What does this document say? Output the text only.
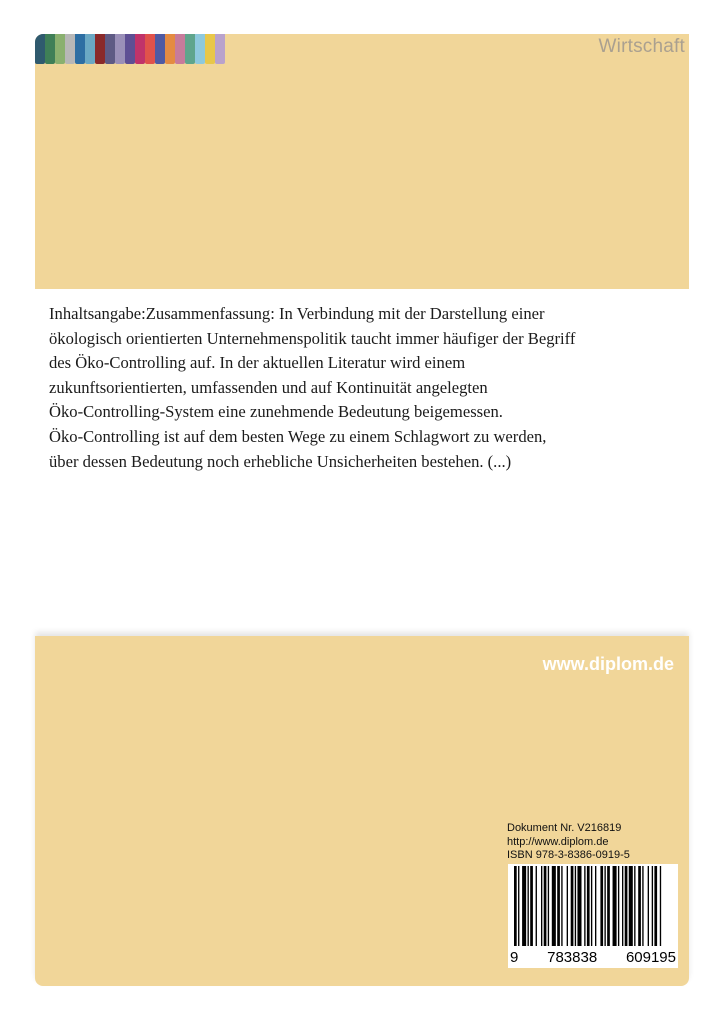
Wirtschaft

Inhaltsangabe:Zusammenfassung: In Verbindung mit der Darstellung einer

ökologisch orientierten Unternehmenspolitik taucht immer häufiger der Begriff

des Öko-Controlling auf. In der aktuellen Literatur wird einem

zukunftsorientierten, umfassenden und auf Kontinuität angelegten

Öko-Controlling-System eine zunehmende Bedeutung beigemessen.

Öko-Controlling ist auf dem besten Wege zu einem Schlagwort zu werden,

über dessen Bedeutung noch erhebliche Unsicherheiten bestehen. (...)

www.diplom.de
Dokument Nr. V216819
http://www.diplom.de
ISBN 978-3-8386-0919-5
9 783838 609195
